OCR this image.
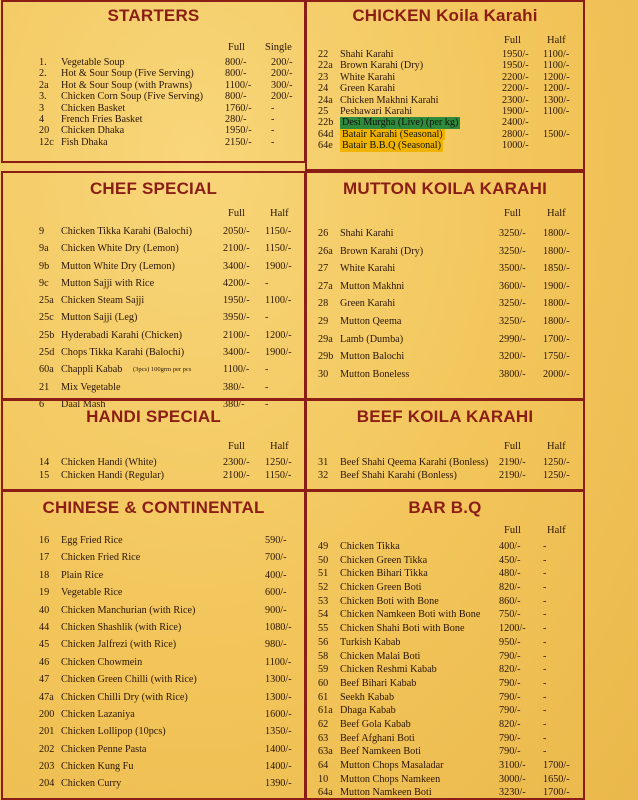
STARTERS
Full Single
1. Vegetable Soup	800/- 200/-
2. Hot & Sour Soup (Five Serving)	800/- 200/-
2a Hot & Sour Soup (with Prawns)	1100/- 300/-
3. Chicken Corn Soup (Five Serving) 800/- 200/-
3 Chicken Basket	1760/- -
4 French Fries Basket	280/- -
20 Chicken Dhaka	1950/- -
12c Fish Dhaka	2150/- -
CHICKEN Koila Karahi
Full Half
22 Shahi Karahi	1950/- 1100/-
22a Brown Karahi (Dry)	1950/- 1100/-
23 White Karahi	2200/- 1200/-
24 Green Karahi	2200/- 1200/-
24a Chicken Makhni Karahi	2300/- 1300/-
25 Peshawari Karahi	1900/- 1100/-
22b Desi Murgha (Live) (per kg)	2400/-
64d Batair Karahi (Seasonal)	2800/- 1500/-
64e Batair B.B.Q (Seasonal)	1000/-
CHEF SPECIAL
Full Half
9 Chicken Tikka Karahi (Balochi)	2050/- 1150/-
9a Chicken White Dry (Lemon)	2100/- 1150/-
9b Mutton White Dry (Lemon)	3400/- 1900/-
9c Mutton Sajji with Rice	4200/- -
25a Chicken Steam Sajji	1950/- 1100/-
25c Mutton Sajji (Leg)	3950/- -
25b Hyderabadi Karahi (Chicken)	2100/- 1200/-
25d Chops Tikka Karahi (Balochi)	3400/- 1900/-
60a Chappli Kabab (3pcs) 100grm per pcs	1100/- -
21 Mix Vegetable	380/- -
6 Daal Mash	380/- -
MUTTON KOILA KARAHI
Full Half
26 Shahi Karahi	3250/- 1800/-
26a Brown Karahi (Dry)	3250/- 1800/-
27 White Karahi	3500/- 1850/-
27a Mutton Makhni	3600/- 1900/-
28 Green Karahi	3250/- 1800/-
29 Mutton Qeema	3250/- 1800/-
29a Lamb (Dumba)	2990/- 1700/-
29b Mutton Balochi	3200/- 1750/-
30 Mutton Boneless	3800/- 2000/-
HANDI SPECIAL
Full Half
14 Chicken Handi (White)	2300/- 1250/-
15 Chicken Handi (Regular)	2100/- 1150/-
BEEF KOILA KARAHI
Full Half
31 Beef Shahi Qeema Karahi (Bonless) 2190/- 1250/-
32 Beef Shahi Karahi (Bonless)	2190/- 1250/-
CHINESE & CONTINENTAL
16 Egg Fried Rice	590/-
17 Chicken Fried Rice	700/-
18 Plain Rice	400/-
19 Vegetable Rice	600/-
40 Chicken Manchurian (with Rice)	900/-
44 Chicken Shashlik (with Rice)	1080/-
45 Chicken Jalfrezi (with Rice)	980/-
46 Chicken Chowmein	1100/-
47 Chicken Green Chilli (with Rice)	1300/-
47a Chicken Chilli Dry (with Rice)	1300/-
200 Chicken Lazaniya	1600/-
201 Chicken Lollipop (10pcs)	1350/-
202 Chicken Penne Pasta	1400/-
203 Chicken Kung Fu	1400/-
204 Chicken Curry	1390/-
BAR B.Q
Full Half
49 Chicken Tikka	400/- -
50 Chicken Green Tikka	450/- -
51 Chicken Bihari Tikka	480/- -
52 Chicken Green Boti	820/- -
53 Chicken Boti with Bone	860/- -
54 Chicken Namkeen Boti with Bone 750/- -
55 Chicken Shahi Boti with Bone	1200/- -
56 Turkish Kabab	950/- -
58 Chicken Malai Boti	790/- -
59 Chicken Reshmi Kabab	820/- -
60 Beef Bihari Kabab	790/- -
61 Seekh Kabab	790/- -
61a Dhaga Kabab	790/- -
62 Beef Gola Kabab	820/- -
63 Beef Afghani Boti	790/- -
63a Beef Namkeen Boti	790/- -
64 Mutton Chops Masaladar	3100/- 1700/-
10 Mutton Chops Namkeen	3000/- 1650/-
64a Mutton Namkeen Boti	3230/- 1700/-
